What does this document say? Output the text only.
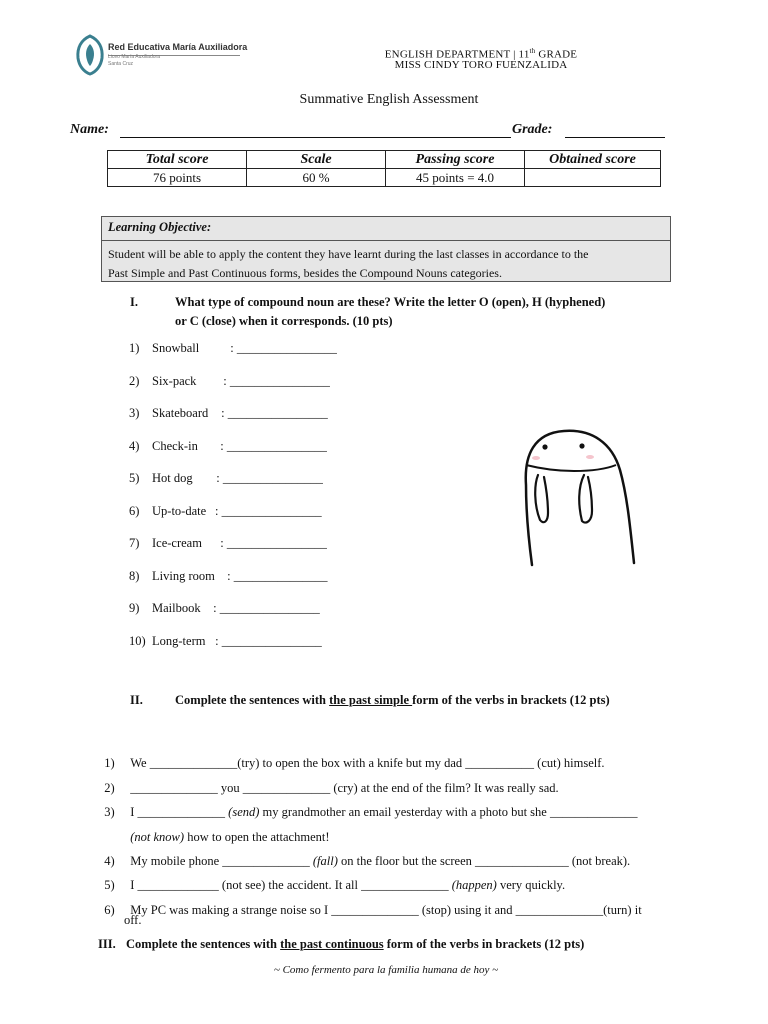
Red Educativa María Auxiliadora
Liceo María Auxiliadora
Santa Cruz
ENGLISH DEPARTMENT | 11th GRADE
MISS CINDY TORO FUENZALIDA
Summative English Assessment
Name:	Grade:
Total score	Scale	Passing score	Obtained score
76 points	60 %	45 points = 4.0	
Learning Objective:
Student will be able to apply the content they have learnt during the last classes in accordance to the
Past Simple and Past Continuous forms, besides the Compound Nouns categories.
I.	What type of compound noun are these? Write the letter O (open), H (hyphened)
or C (close) when it corresponds. (10 pts)
1) Snowball  : ________________
2) Six-pack  : ________________
3) Skateboard : ________________
4) Check-in  : ________________
5) Hot dog  : ________________
6) Up-to-date : ________________
7) Ice-cream  : ________________
8) Living room : _______________
9) Mailbook : ________________
10) Long-term : ________________
II.	Complete the sentences with the past simple form of the verbs in brackets (12 pts)

1) We ______________(try) to open the box with a knife but my dad ___________ (cut) himself.

2) ______________ you ______________ (cry) at the end of the film? It was really sad.

3) I ______________ (send) my grandmother an email yesterday with a photo but she ______________

(not know) how to open the attachment!

4) My mobile phone ______________ (fall) on the floor but the screen _______________ (not break).

5) I _____________ (not see) the accident. It all ______________ (happen) very quickly.

6) My PC was making a strange noise so I ______________ (stop) using it and ______________(turn) it

off.
III. Complete the sentences with the past continuous form of the verbs in brackets (12 pts)
~ Como fermento para la familia humana de hoy ~
